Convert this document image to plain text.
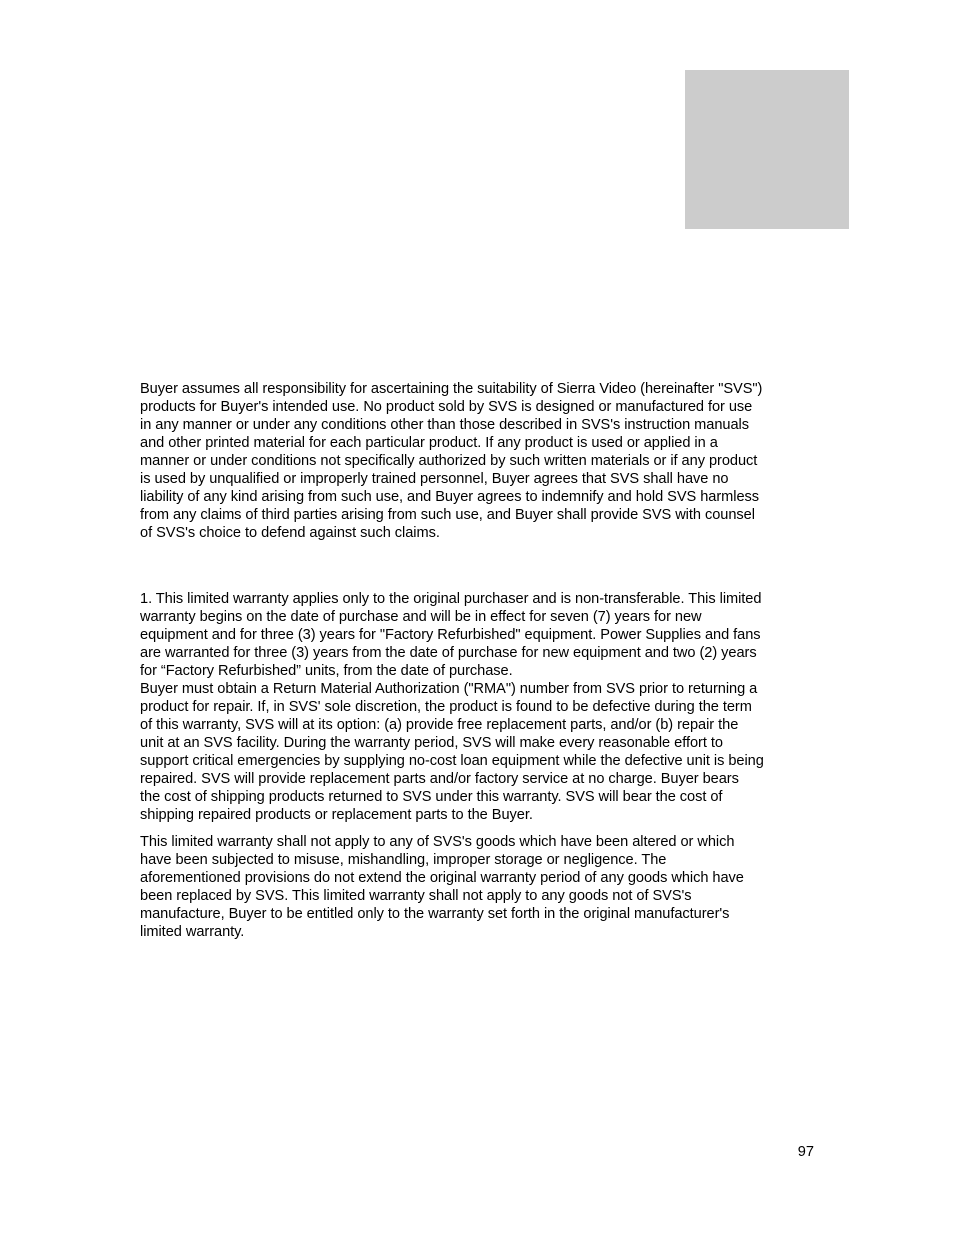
Buyer assumes all responsibility for ascertaining the suitability of Sierra Video (hereinafter "SVS")
products for Buyer's intended use. No product sold by SVS is designed or manufactured for use
in any manner or under any conditions other than those described in SVS's instruction manuals
and other printed material for each particular product. If any product is used or applied in a
manner or under conditions not specifically authorized by such written materials or if any product
is used by unqualified or improperly trained personnel, Buyer agrees that SVS shall have no
liability of any kind arising from such use, and Buyer agrees to indemnify and hold SVS harmless
from any claims of third parties arising from such use, and Buyer shall provide SVS with counsel
of SVS's choice to defend against such claims.

1. This limited warranty applies only to the original purchaser and is non-transferable. This limited
warranty begins on the date of purchase and will be in effect for seven (7) years for new
equipment and for three (3) years for "Factory Refurbished" equipment. Power Supplies and fans
are warranted for three (3) years from the date of purchase for new equipment and two (2) years
for “Factory Refurbished” units, from the date of purchase.

Buyer must obtain a Return Material Authorization ("RMA") number from SVS prior to returning a
product for repair. If, in SVS' sole discretion, the product is found to be defective during the term
of this warranty, SVS will at its option: (a) provide free replacement parts, and/or (b) repair the
unit at an SVS facility. During the warranty period, SVS will make every reasonable effort to
support critical emergencies by supplying no-cost loan equipment while the defective unit is being
repaired. SVS will provide replacement parts and/or factory service at no charge. Buyer bears
the cost of shipping products returned to SVS under this warranty. SVS will bear the cost of
shipping repaired products or replacement parts to the Buyer.

This limited warranty shall not apply to any of SVS's goods which have been altered or which
have been subjected to misuse, mishandling, improper storage or negligence. The
aforementioned provisions do not extend the original warranty period of any goods which have
been replaced by SVS. This limited warranty shall not apply to any goods not of SVS's
manufacture, Buyer to be entitled only to the warranty set forth in the original manufacturer's
limited warranty.

97
